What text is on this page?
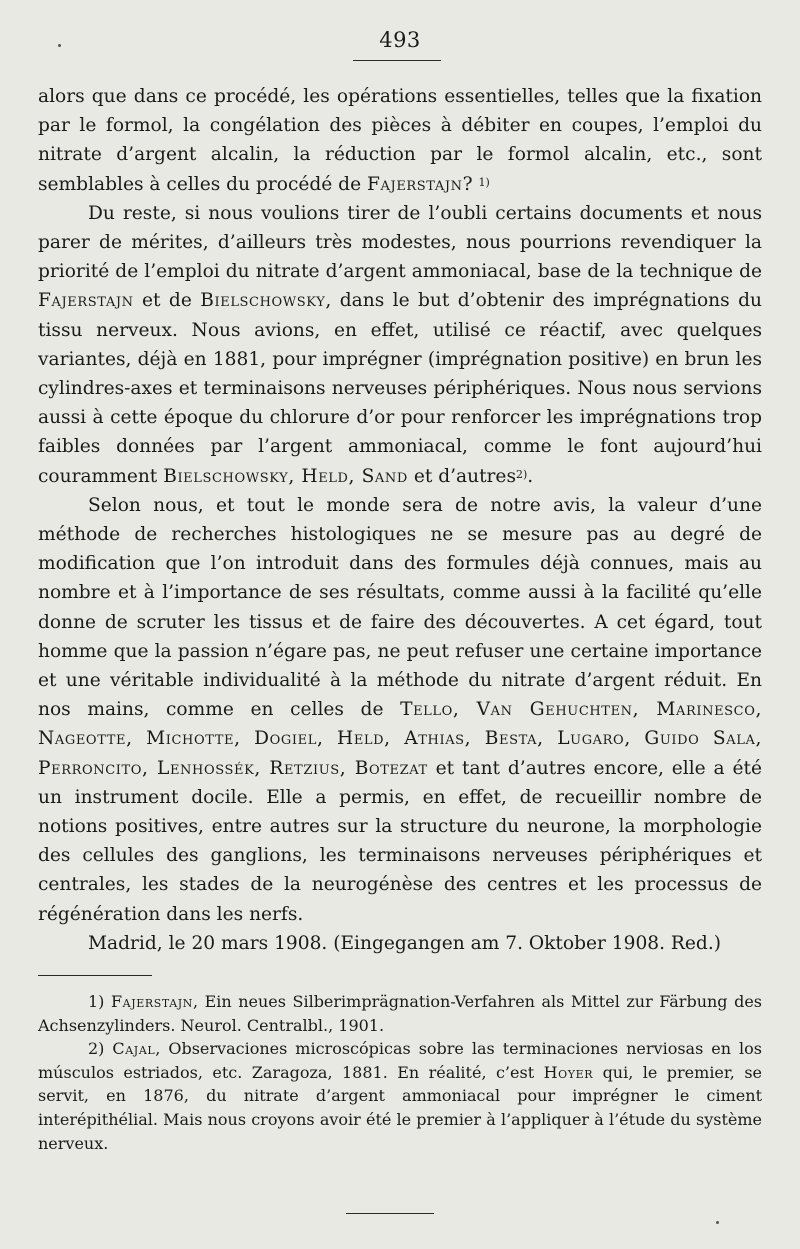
493

alors que dans ce procédé, les opérations essentielles, telles que la fixation par le formol, la congélation des pièces à débiter en coupes, l’emploi du nitrate d’argent alcalin, la réduction par le formol alcalin, etc., sont semblables à celles du procédé de Fajerstajn? $^{1)}$

Du reste, si nous voulions tirer de l’oubli certains documents et nous parer de mérites, d’ailleurs très modestes, nous pourrions revendiquer la priorité de l’emploi du nitrate d’argent ammoniacal, base de la technique de Fajerstajn et de Bielschowsky, dans le but d’obtenir des imprégnations du tissu nerveux. Nous avions, en effet, utilisé ce réactif, avec quelques variantes, déjà en 1881, pour imprégner (imprégnation positive) en brun les cylindres-axes et terminaisons nerveuses périphériques. Nous nous servions aussi à cette époque du chlorure d’or pour renforcer les imprégnations trop faibles données par l’argent ammoniacal, comme le font aujourd’hui couramment Bielschowsky, Held, Sand et d’autres$^{2)}$.

Selon nous, et tout le monde sera de notre avis, la valeur d’une méthode de recherches histologiques ne se mesure pas au degré de modification que l’on introduit dans des formules déjà connues, mais au nombre et à l’importance de ses résultats, comme aussi à la facilité qu’elle donne de scruter les tissus et de faire des découvertes. A cet égard, tout homme que la passion n’égare pas, ne peut refuser une certaine importance et une véritable individualité à la méthode du nitrate d’argent réduit. En nos mains, comme en celles de Tello, Van Gehuchten, Marinesco, Nageotte, Michotte, Dogiel, Held, Athias, Besta, Lugaro, Guido Sala, Perroncito, Lenhossék, Retzius, Botezat et tant d’autres encore, elle a été un instrument docile. Elle a permis, en effet, de recueillir nombre de notions positives, entre autres sur la structure du neurone, la morphologie des cellules des ganglions, les terminaisons nerveuses périphériques et centrales, les stades de la neurogénèse des centres et les processus de régénération dans les nerfs.

Madrid, le 20 mars 1908. (Eingegangen am 7. Oktober 1908. Red.)

1) Fajerstajn, Ein neues Silberimprägnation-Verfahren als Mittel zur Färbung des Achsenzylinders. Neurol. Centralbl., 1901.

2) Cajal, Observaciones microscópicas sobre las terminaciones nerviosas en los músculos estriados, etc. Zaragoza, 1881. En réalité, c’est Hoyer qui, le premier, se servit, en 1876, du nitrate d’argent ammoniacal pour imprégner le ciment interépithélial. Mais nous croyons avoir été le premier à l’appliquer à l’étude du système nerveux.
